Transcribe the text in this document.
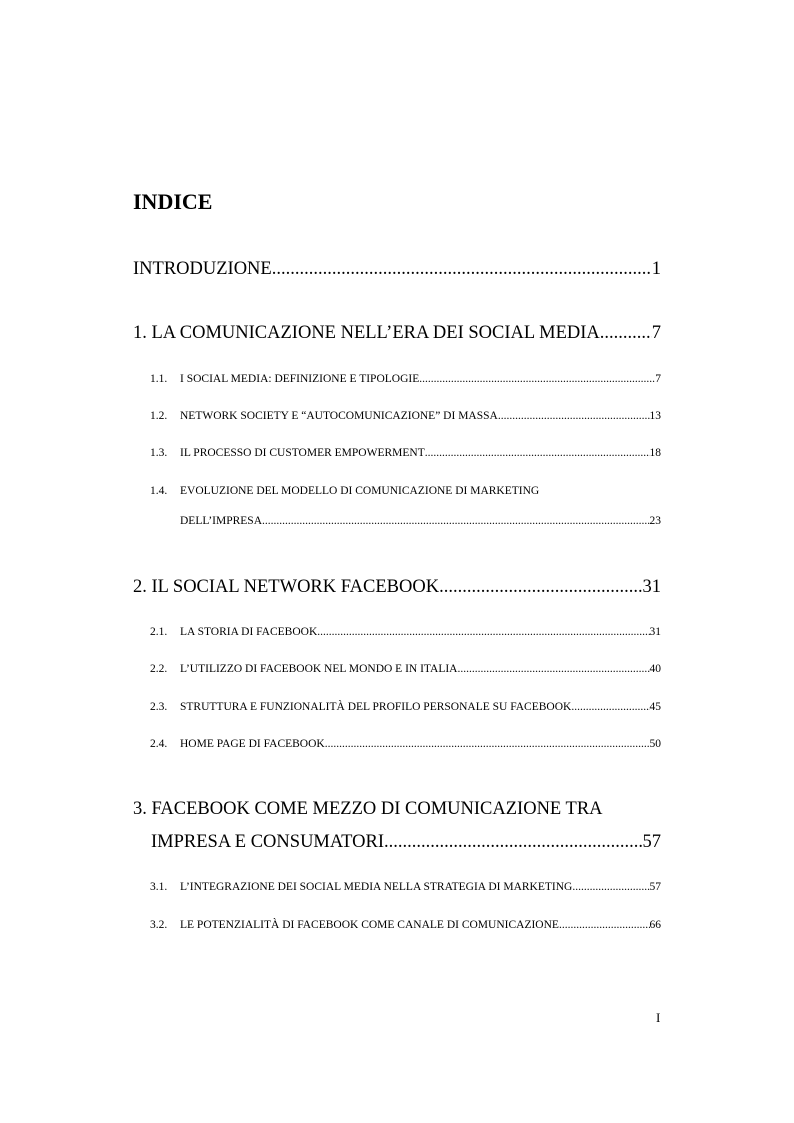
INDICE
INTRODUZIONE .....	1
1. LA COMUNICAZIONE NELL’ERA DEI SOCIAL MEDIA .....	7
1.1.	I SOCIAL MEDIA: DEFINIZIONE E TIPOLOGIE .....	7
1.2.	NETWORK SOCIETY E “AUTOCOMUNICAZIONE” DI MASSA .....	13
1.3.	IL PROCESSO DI CUSTOMER EMPOWERMENT .....	18
1.4.	EVOLUZIONE DEL MODELLO DI COMUNICAZIONE DI MARKETING
DELL’IMPRESA .....	23
2. IL SOCIAL NETWORK FACEBOOK .....	31
2.1.	LA STORIA DI FACEBOOK .....	31
2.2.	L’UTILIZZO DI FACEBOOK NEL MONDO E IN ITALIA .....	40
2.3.	STRUTTURA E FUNZIONALITÀ DEL PROFILO PERSONALE SU FACEBOOK .....	45
2.4.	HOME PAGE DI FACEBOOK .....	50
3. FACEBOOK COME MEZZO DI COMUNICAZIONE TRA
IMPRESA E CONSUMATORI .....	57
3.1.	L’INTEGRAZIONE DEI SOCIAL MEDIA NELLA STRATEGIA DI MARKETING .....	57
3.2.	LE POTENZIALITÀ DI FACEBOOK COME CANALE DI COMUNICAZIONE .....	66
I
